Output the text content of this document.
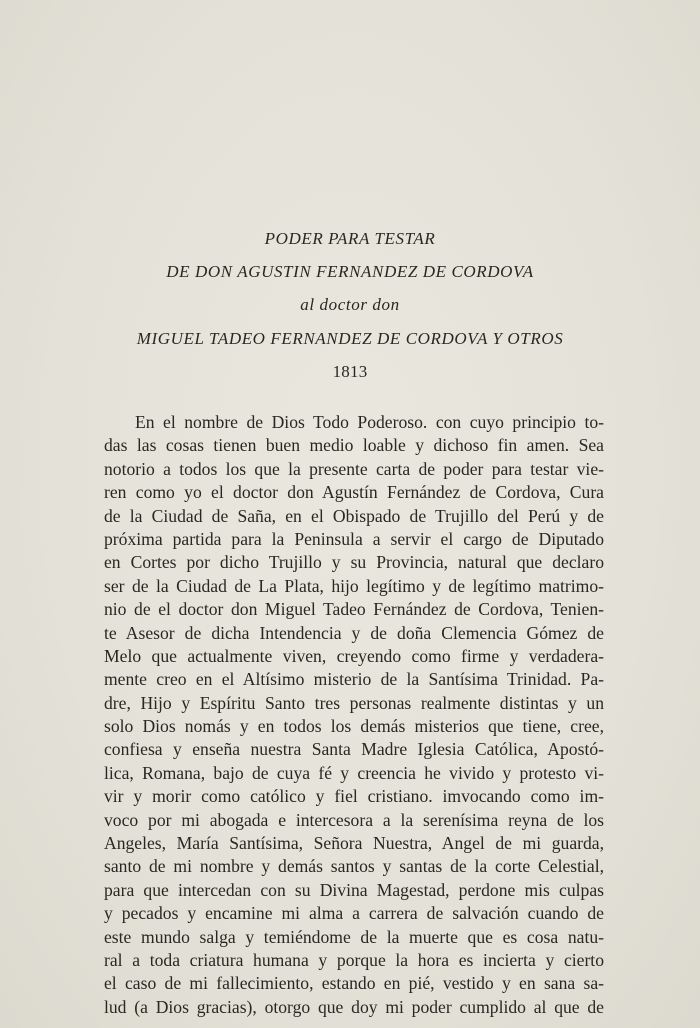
PODER PARA TESTAR
DE DON AGUSTIN FERNANDEZ DE CORDOVA
al doctor don
MIGUEL TADEO FERNANDEZ DE CORDOVA Y OTROS
1813
En el nombre de Dios Todo Poderoso. con cuyo principio to-
das las cosas tienen buen medio loable y dichoso fin amen. Sea
notorio a todos los que la presente carta de poder para testar vie-
ren como yo el doctor don Agustín Fernández de Cordova, Cura
de la Ciudad de Saña, en el Obispado de Trujillo del Perú y de
próxima partida para la Peninsula a servir el cargo de Diputado
en Cortes por dicho Trujillo y su Provincia, natural que declaro
ser de la Ciudad de La Plata, hijo legítimo y de legítimo matrimo-
nio de el doctor don Miguel Tadeo Fernández de Cordova, Tenien-
te Asesor de dicha Intendencia y de doña Clemencia Gómez de
Melo que actualmente viven, creyendo como firme y verdadera-
mente creo en el Altísimo misterio de la Santísima Trinidad. Pa-
dre, Hijo y Espíritu Santo tres personas realmente distintas y un
solo Dios nomás y en todos los demás misterios que tiene, cree,
confiesa y enseña nuestra Santa Madre Iglesia Católica, Apostó-
lica, Romana, bajo de cuya fé y creencia he vivido y protesto vi-
vir y morir como católico y fiel cristiano. imvocando como im-
voco por mi abogada e intercesora a la serenísima reyna de los
Angeles, María Santísima, Señora Nuestra, Angel de mi guarda,
santo de mi nombre y demás santos y santas de la corte Celestial,
para que intercedan con su Divina Magestad, perdone mis culpas
y pecados y encamine mi alma a carrera de salvación cuando de
este mundo salga y temiéndome de la muerte que es cosa natu-
ral a toda criatura humana y porque la hora es incierta y cierto
el caso de mi fallecimiento, estando en pié, vestido y en sana sa-
lud (a Dios gracias), otorgo que doy mi poder cumplido al que de
